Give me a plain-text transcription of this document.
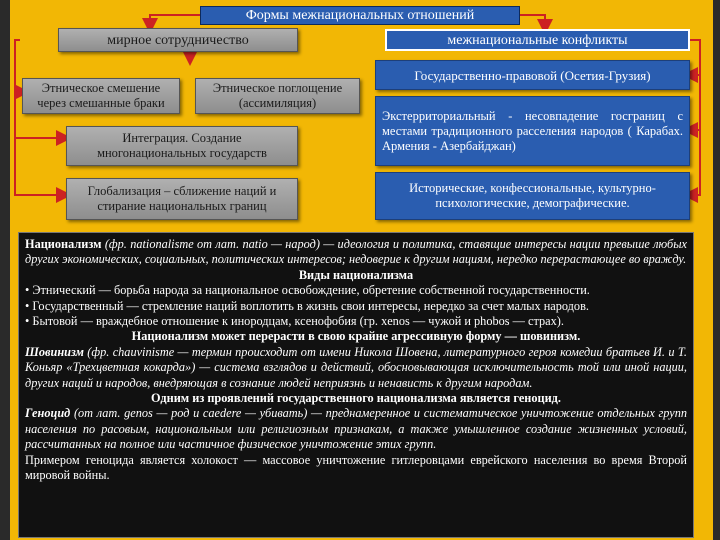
Формы межнациональных отношений
мирное сотрудничество	межнациональные конфликты
Этническое смешение через смешанные браки
Этническое поглощение (ассимиляция)
Интеграция. Создание многонациональных государств
Глобализация – сближение наций и стирание национальных границ
Государственно-правовой (Осетия-Грузия)
Экстерриториальный - несовпадение госграниц с местами традиционного расселения народов ( Карабах. Армения - Азербайджан)
Исторические, конфессиональные, культурно-психологические, демографические.

Национализм (фр. nationalisme от лат. natio — народ) — идеология и политика, ставящие интересы нации превыше любых других экономических, социальных, политических интересов; недоверие к другим нациям, нередко перерастающее во вражду.

Виды национализма

• Этнический — борьба народа за национальное освобождение, обретение собственной государственности.

• Государственный — стремление наций воплотить в жизнь свои интересы, нередко за счет малых народов.

• Бытовой — враждебное отношение к инородцам, ксенофобия (гр. xenos — чужой и phobos — страх).

Национализм может перерасти в свою крайне агрессивную форму — шовинизм.

Шовинизм (фр. chauvinisme — термин происходит от имени Никола Шовена, литературного героя комедии братьев И. и Т. Коньяр «Трехцветная кокарда») — система взглядов и действий, обосновывающая исключительность той или иной нации, других наций и народов, внедряющая в сознание людей неприязнь и ненависть к другим народам.

Одним из проявлений государственного национализма является геноцид.

Геноцид (от лат. genos — род и caedere — убивать) — преднамеренное и систематическое уничтожение отдельных групп населения по расовым, национальным или религиозным признакам, а также умышленное создание жизненных условий, рассчитанных на полное или частичное физическое уничтожение этих групп.

Примером геноцида является холокост — массовое уничтожение гитлеровцами еврейского населения во время Второй мировой войны.
